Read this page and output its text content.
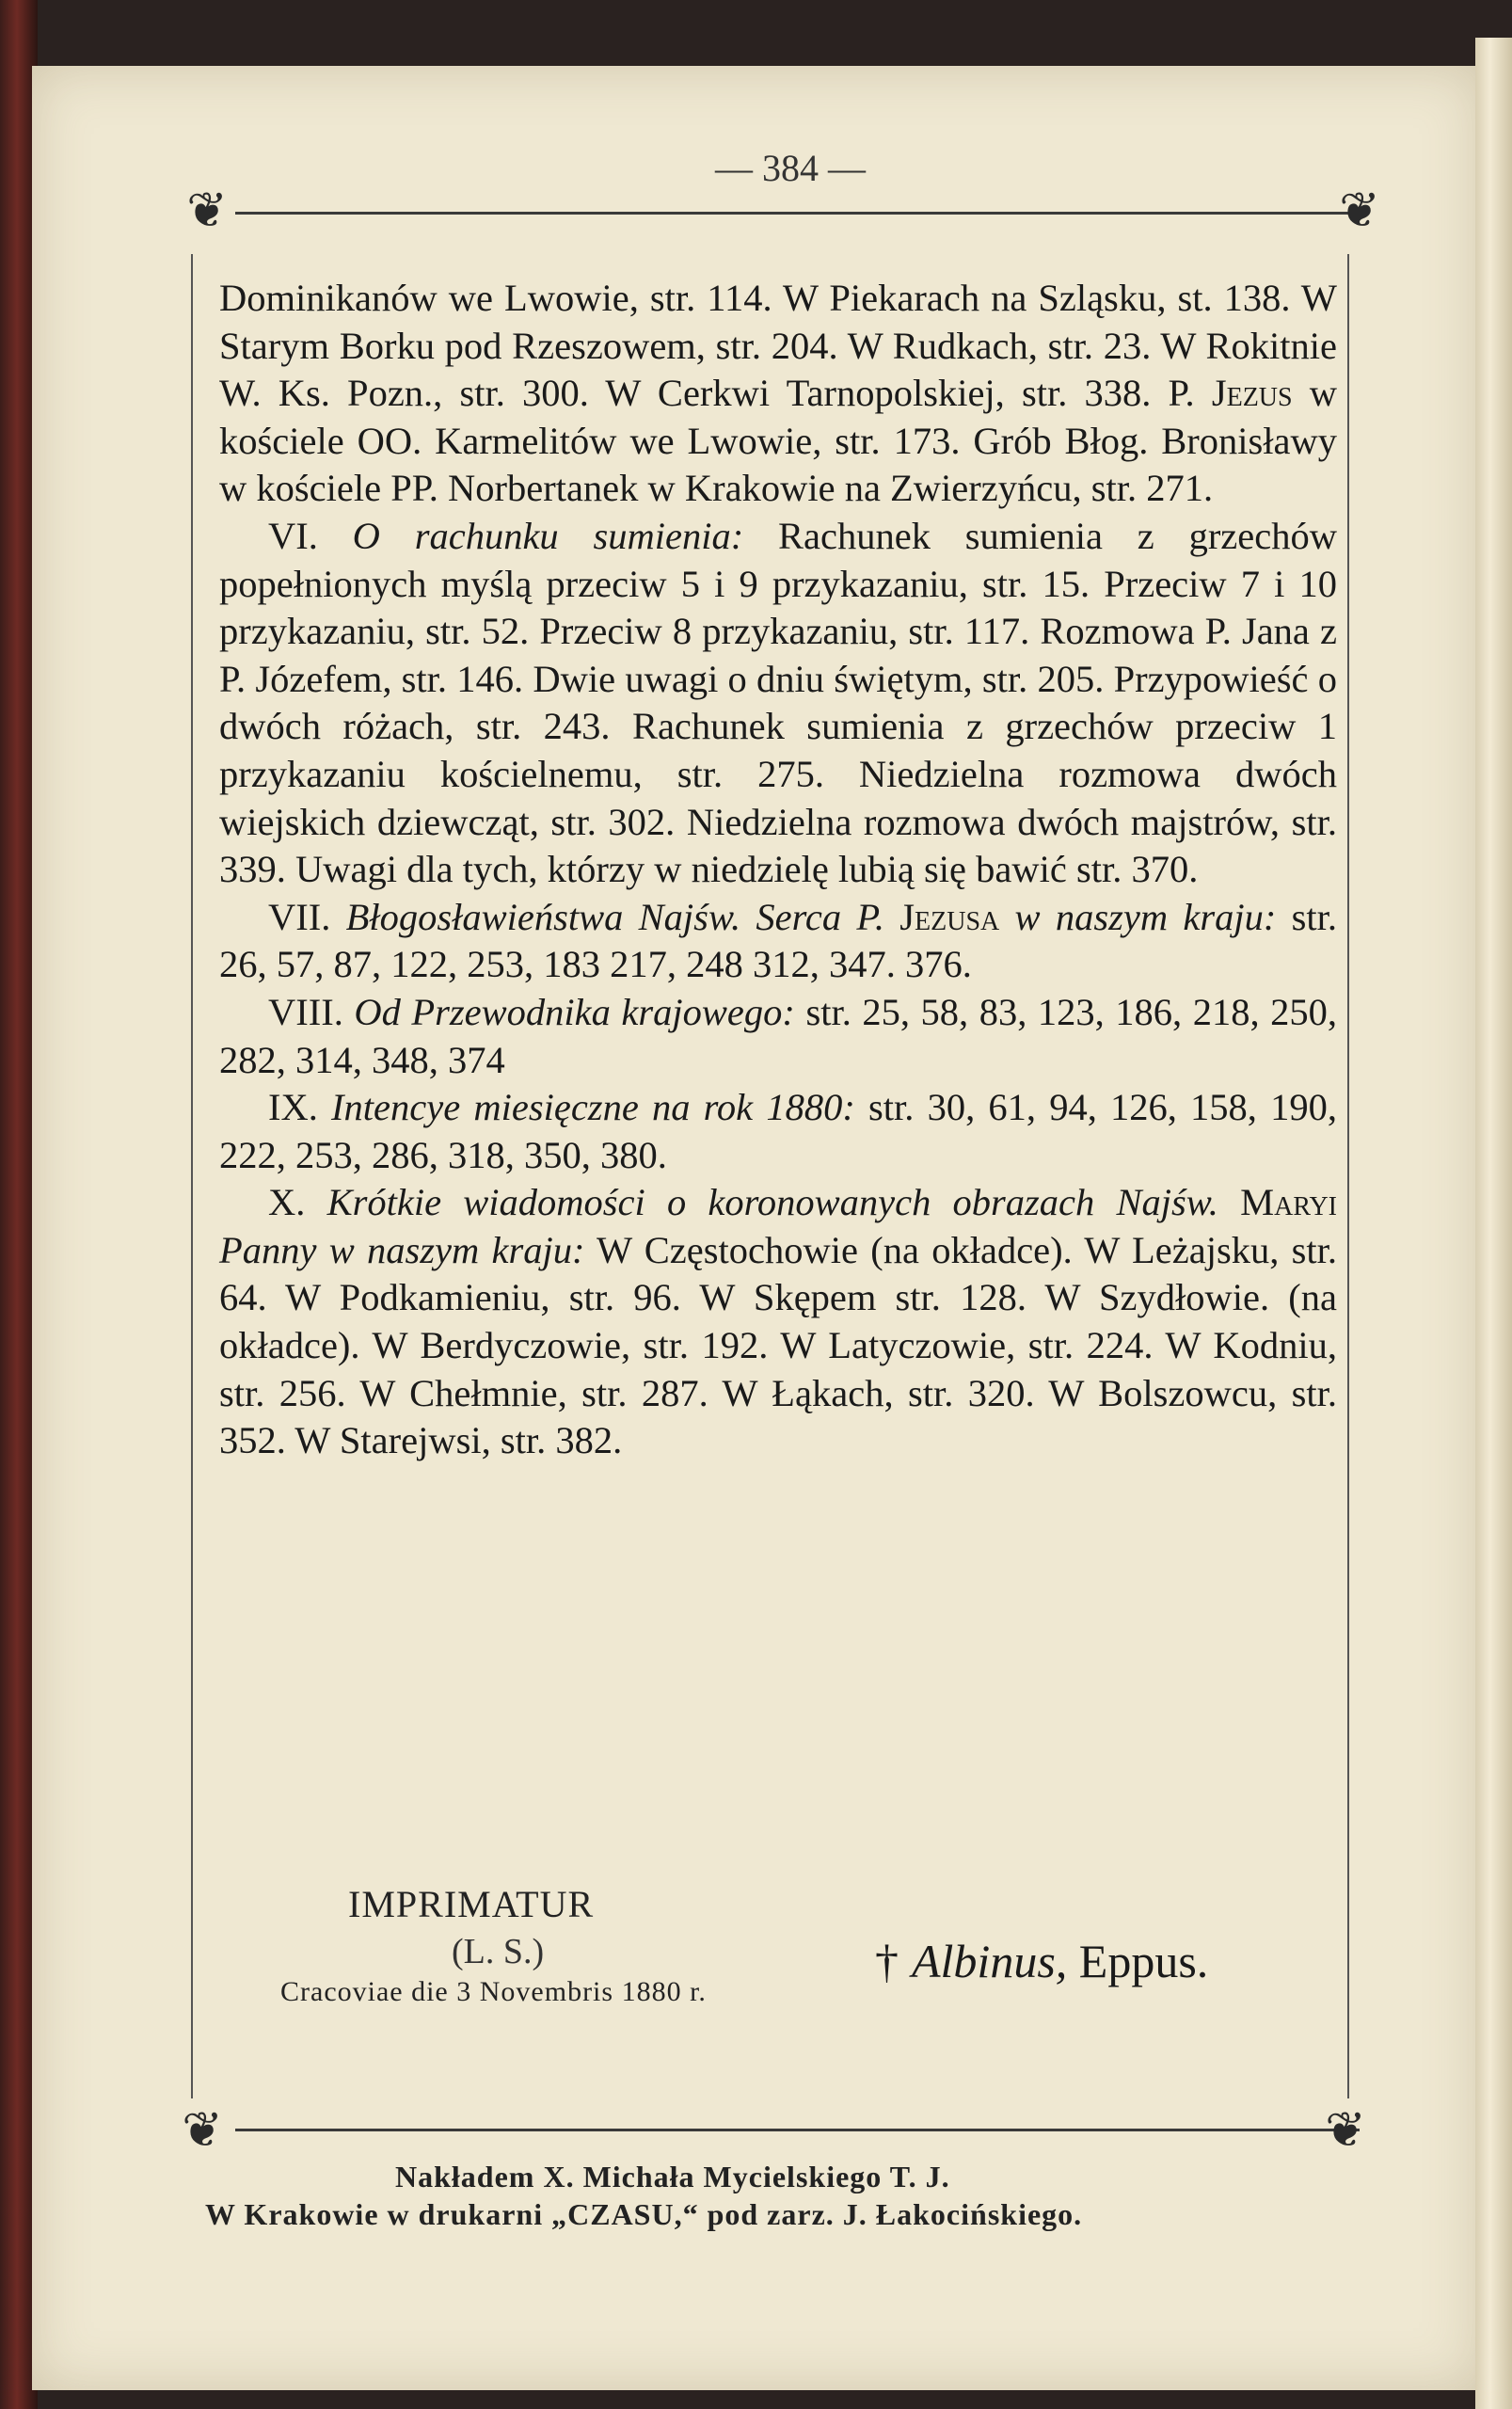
— 384 —
❦	❦
❦	❦

Dominikanów we Lwowie, str. 114. W Piekarach na Szląsku, st. 138. W Starym Borku pod Rzeszowem, str. 204. W Rudkach, str. 23. W Rokitnie W. Ks. Pozn., str. 300. W Cerkwi Tarnopolskiej, str. 338. P. Jezus w kościele OO. Karmelitów we Lwowie, str. 173. Grób Błog. Bronisławy w kościele PP. Norbertanek w Krakowie na Zwierzyńcu, str. 271.

VI. O rachunku sumienia: Rachunek sumienia z grzechów popełnionych myślą przeciw 5 i 9 przykazaniu, str. 15. Przeciw 7 i 10 przykazaniu, str. 52. Przeciw 8 przykazaniu, str. 117. Rozmowa P. Jana z P. Józefem, str. 146. Dwie uwagi o dniu świętym, str. 205. Przypowieść o dwóch różach, str. 243. Rachunek sumienia z grzechów przeciw 1 przykazaniu kościelnemu, str. 275. Niedzielna rozmowa dwóch wiejskich dziewcząt, str. 302. Niedzielna rozmowa dwóch majstrów, str. 339. Uwagi dla tych, którzy w niedzielę lubią się bawić str. 370.

VII. Błogosławieństwa Najśw. Serca P. Jezusa w naszym kraju: str. 26, 57, 87, 122, 253, 183 217, 248 312, 347. 376.

VIII. Od Przewodnika krajowego: str. 25, 58, 83, 123, 186, 218, 250, 282, 314, 348, 374

IX. Intencye miesięczne na rok 1880: str. 30, 61, 94, 126, 158, 190, 222, 253, 286, 318, 350, 380.

X. Krótkie wiadomości o koronowanych obrazach Najśw. Maryi Panny w naszym kraju: W Częstochowie (na okładce). W Leżajsku, str. 64. W Podkamieniu, str. 96. W Skępem str. 128. W Szydłowie. (na okładce). W Berdyczowie, str. 192. W Latyczowie, str. 224. W Kodniu, str. 256. W Chełmnie, str. 287. W Łąkach, str. 320. W Bolszowcu, str. 352. W Starejwsi, str. 382.

IMPRIMATUR
(L. S.)
Cracoviae die 3 Novembris 1880 r.
† Albinus, Eppus.
Nakładem X. Michała Mycielskiego T. J.
W Krakowie w drukarni „CZASU,“ pod zarz. J. Łakocińskiego.
